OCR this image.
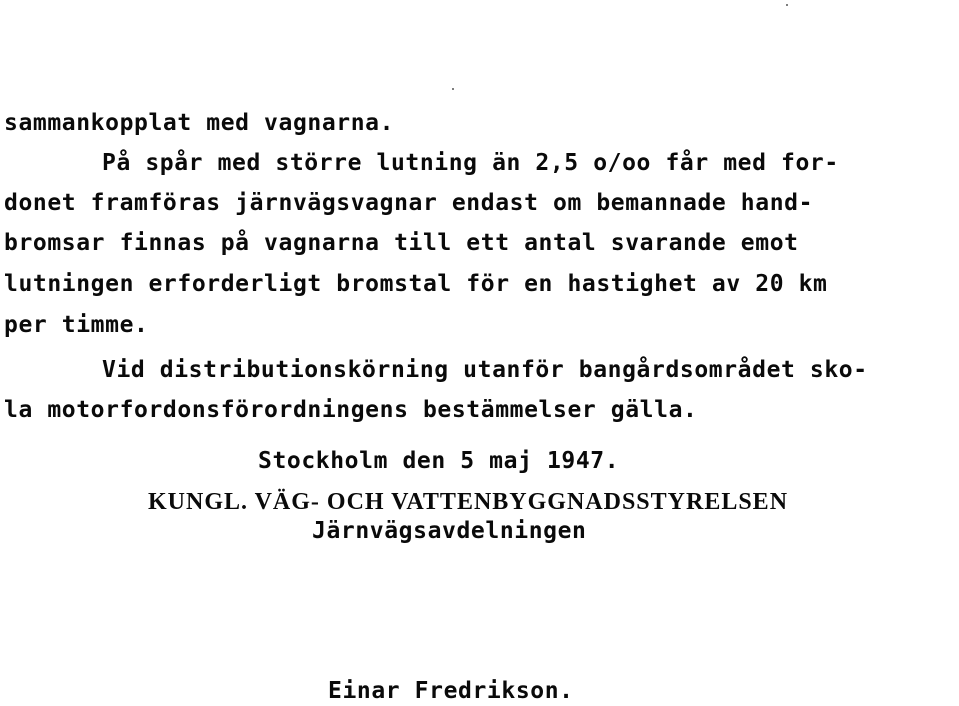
sammankopplat med vagnarna.
På spår med större lutning än 2,5 o/oo får med for-
donet framföras järnvägsvagnar endast om bemannade hand-
bromsar finnas på vagnarna till ett antal svarande emot
lutningen erforderligt bromstal för en hastighet av 20 km
per timme.
Vid distributionskörning utanför bangårdsområdet sko-
la motorfordonsförordningens bestämmelser gälla.
Stockholm den 5 maj 1947.
KUNGL. VÄG- OCH VATTENBYGGNADSSTYRELSEN
Järnvägsavdelningen
Einar Fredrikson.
